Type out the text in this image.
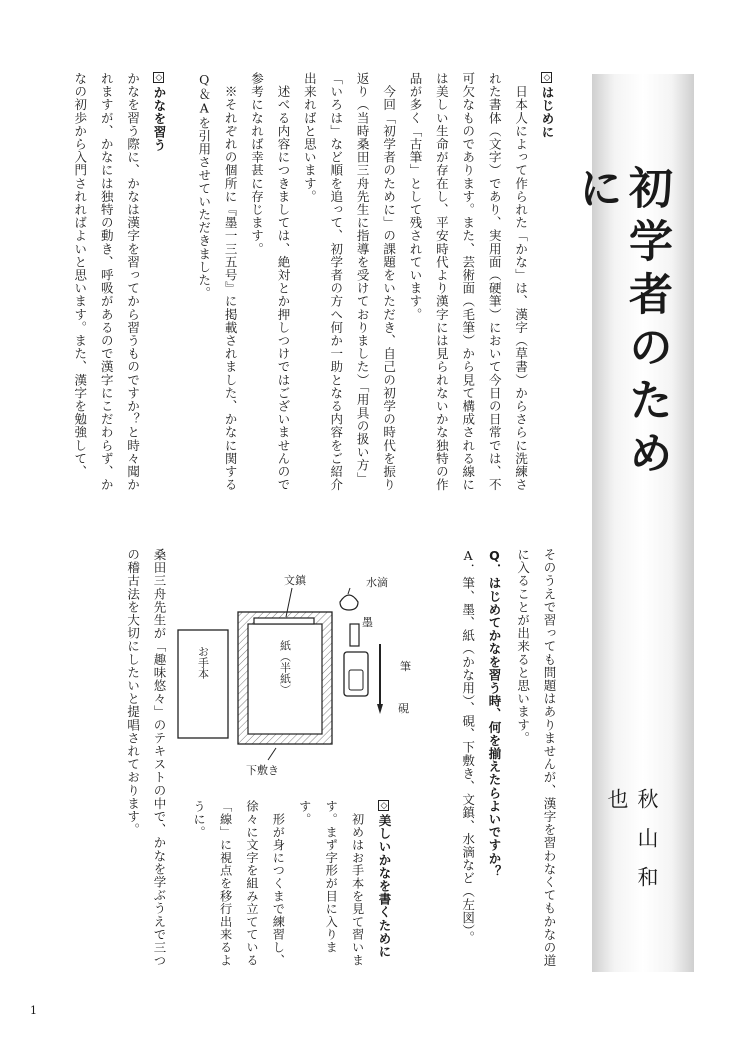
初学者のために
秋山和也
◇はじめに
　日本人によって作られた「かな」は、漢字（草書）からさらに洗練された書体（文字）であり、実用面（硬筆）において今日の日常では、不可欠なものであります。また、芸術面（毛筆）から見て構成される線には美しい生命が存在し、平安時代より漢字には見られないかな独特の作品が多く「古筆」として残されています。
　今回「初学者のために」の課題をいただき、自己の初学の時代を振り返り（当時桑田三舟先生に指導を受けておりました）「用具の扱い方」「いろは」など順を追って、初学者の方へ何か一助となる内容をご紹介出来ればと思います。
　述べる内容につきましては、絶対とか押しつけではございませんので参考になれば幸甚に存じます。
　※それぞれの個所に『墨一三五号』に掲載されました、かなに関するQ＆Aを引用させていただきました。
◇かなを習う
かなを習う際に、かなは漢字を習ってから習うものですか？と時々聞かれますが、かなには独特の動き、呼吸があるので漢字にこだわらず、かなの初歩から入門されればよいと思います。また、漢字を勉強して、
そのうえで習っても問題はありませんが、漢字を習わなくてもかなの道に入ることが出来ると思います。
Q．はじめてかなを習う時、何を揃えたらよいですか？
A．筆、墨、紙（かな用）、硯、下敷き、文鎮、水滴など（左図）。
◇美しいかなを書くために
　初めはお手本を見て習います。まず字形が目に入ります。
　形が身につくまで練習し、徐々に文字を組み立てている「線」に視点を移行出来るように。
桑田三舟先生が「趣味悠々」のテキストの中で、かなを学ぶうえで三つの稽古法を大切にしたいと提唱されております。	お手本	紙（半紙）
文鎮	水滴
墨
硯
筆
下敷き
1
